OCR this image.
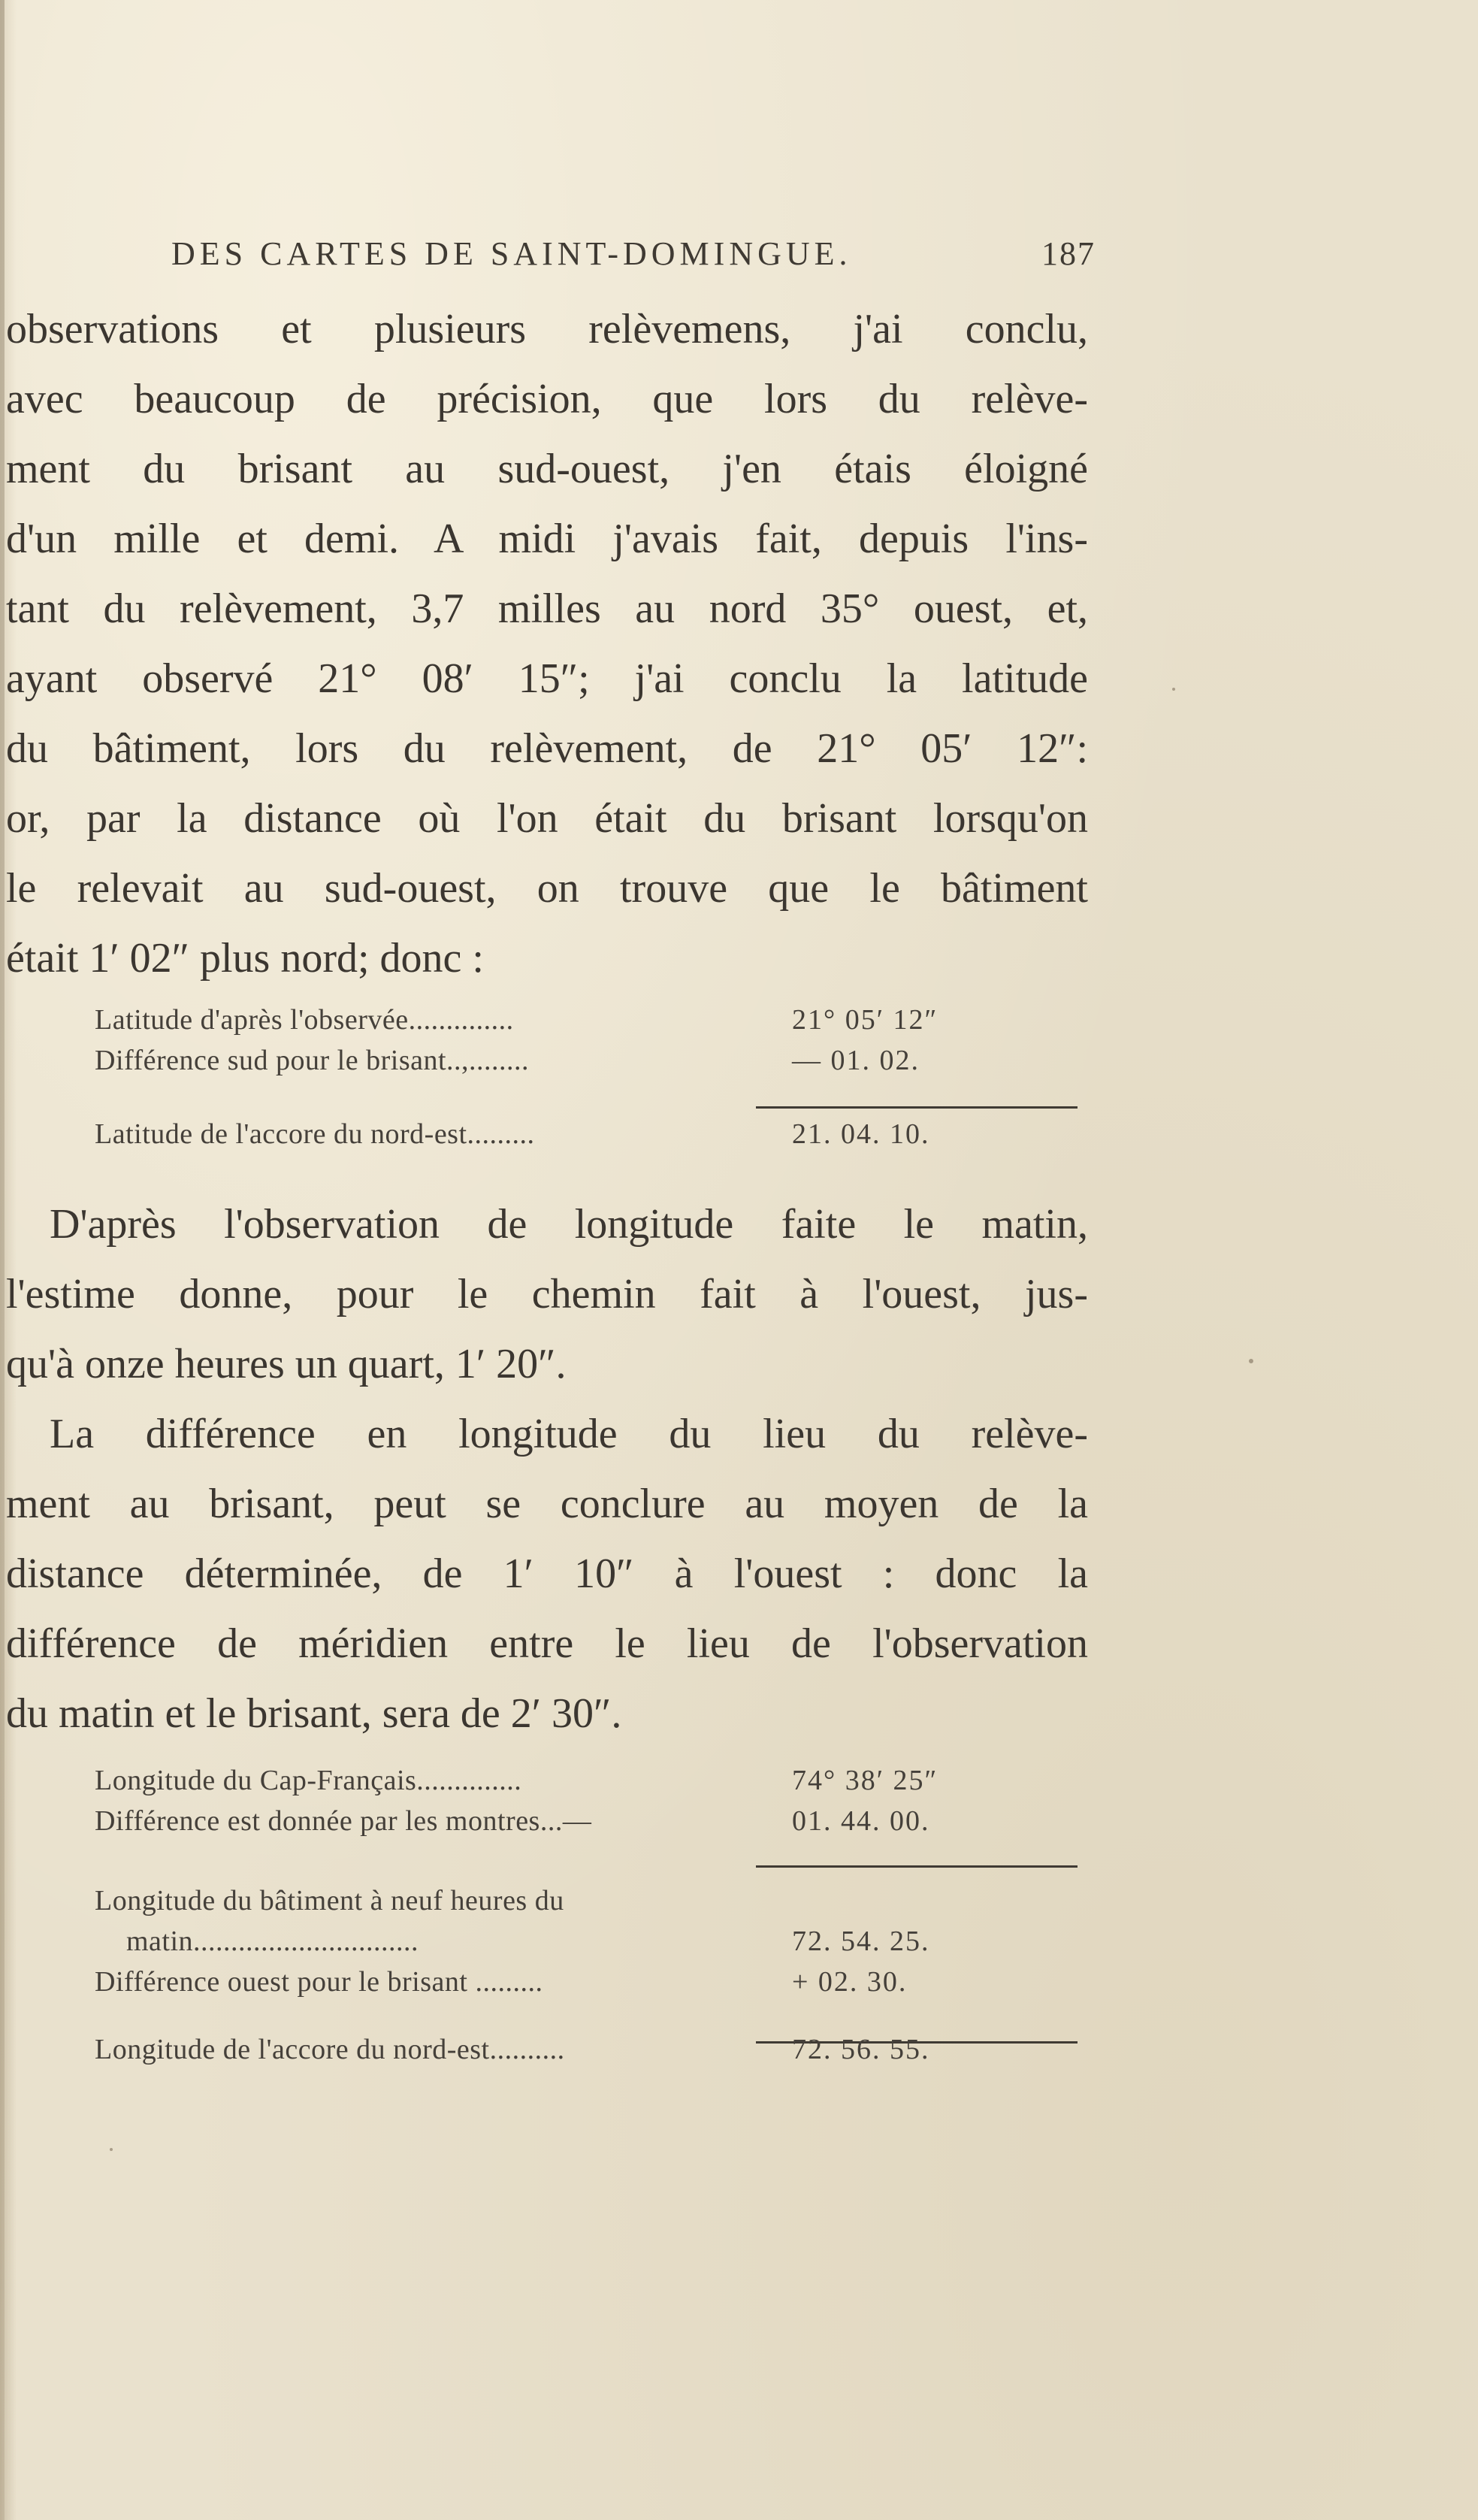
DES CARTES DE SAINT-DOMINGUE.	187
observations et plusieurs relèvemens, j'ai conclu,
avec beaucoup de précision, que lors du relève-
ment du brisant au sud-ouest, j'en étais éloigné
d'un mille et demi. A midi j'avais fait, depuis l'ins-
tant du relèvement, 3,7 milles au nord 35° ouest, et,
ayant observé 21° 08′ 15″; j'ai conclu la latitude
du bâtiment, lors du relèvement, de 21° 05′ 12″:
or, par la distance où l'on était du brisant lorsqu'on
le relevait au sud-ouest, on trouve que le bâtiment
était 1′ 02″ plus nord; donc :
Latitude d'après l'observée..............	21° 05′ 12″
Différence sud pour le brisant..,........	— 01. 02.
Latitude de l'accore du nord-est.........	21. 04. 10.
D'après l'observation de longitude faite le matin,
l'estime donne, pour le chemin fait à l'ouest, jus-
qu'à onze heures un quart, 1′ 20″.
La différence en longitude du lieu du relève-
ment au brisant, peut se conclure au moyen de la
distance déterminée, de 1′ 10″ à l'ouest : donc la
différence de méridien entre le lieu de l'observation
du matin et le brisant, sera de 2′ 30″.
Longitude du Cap-Français..............	74° 38′ 25″
Différence est donnée par les montres...—	01. 44. 00.
Longitude du bâtiment à neuf heures du
matin..............................	72. 54. 25.
Différence ouest pour le brisant .........	+ 02. 30.
Longitude de l'accore du nord-est..........	72. 56. 55.
